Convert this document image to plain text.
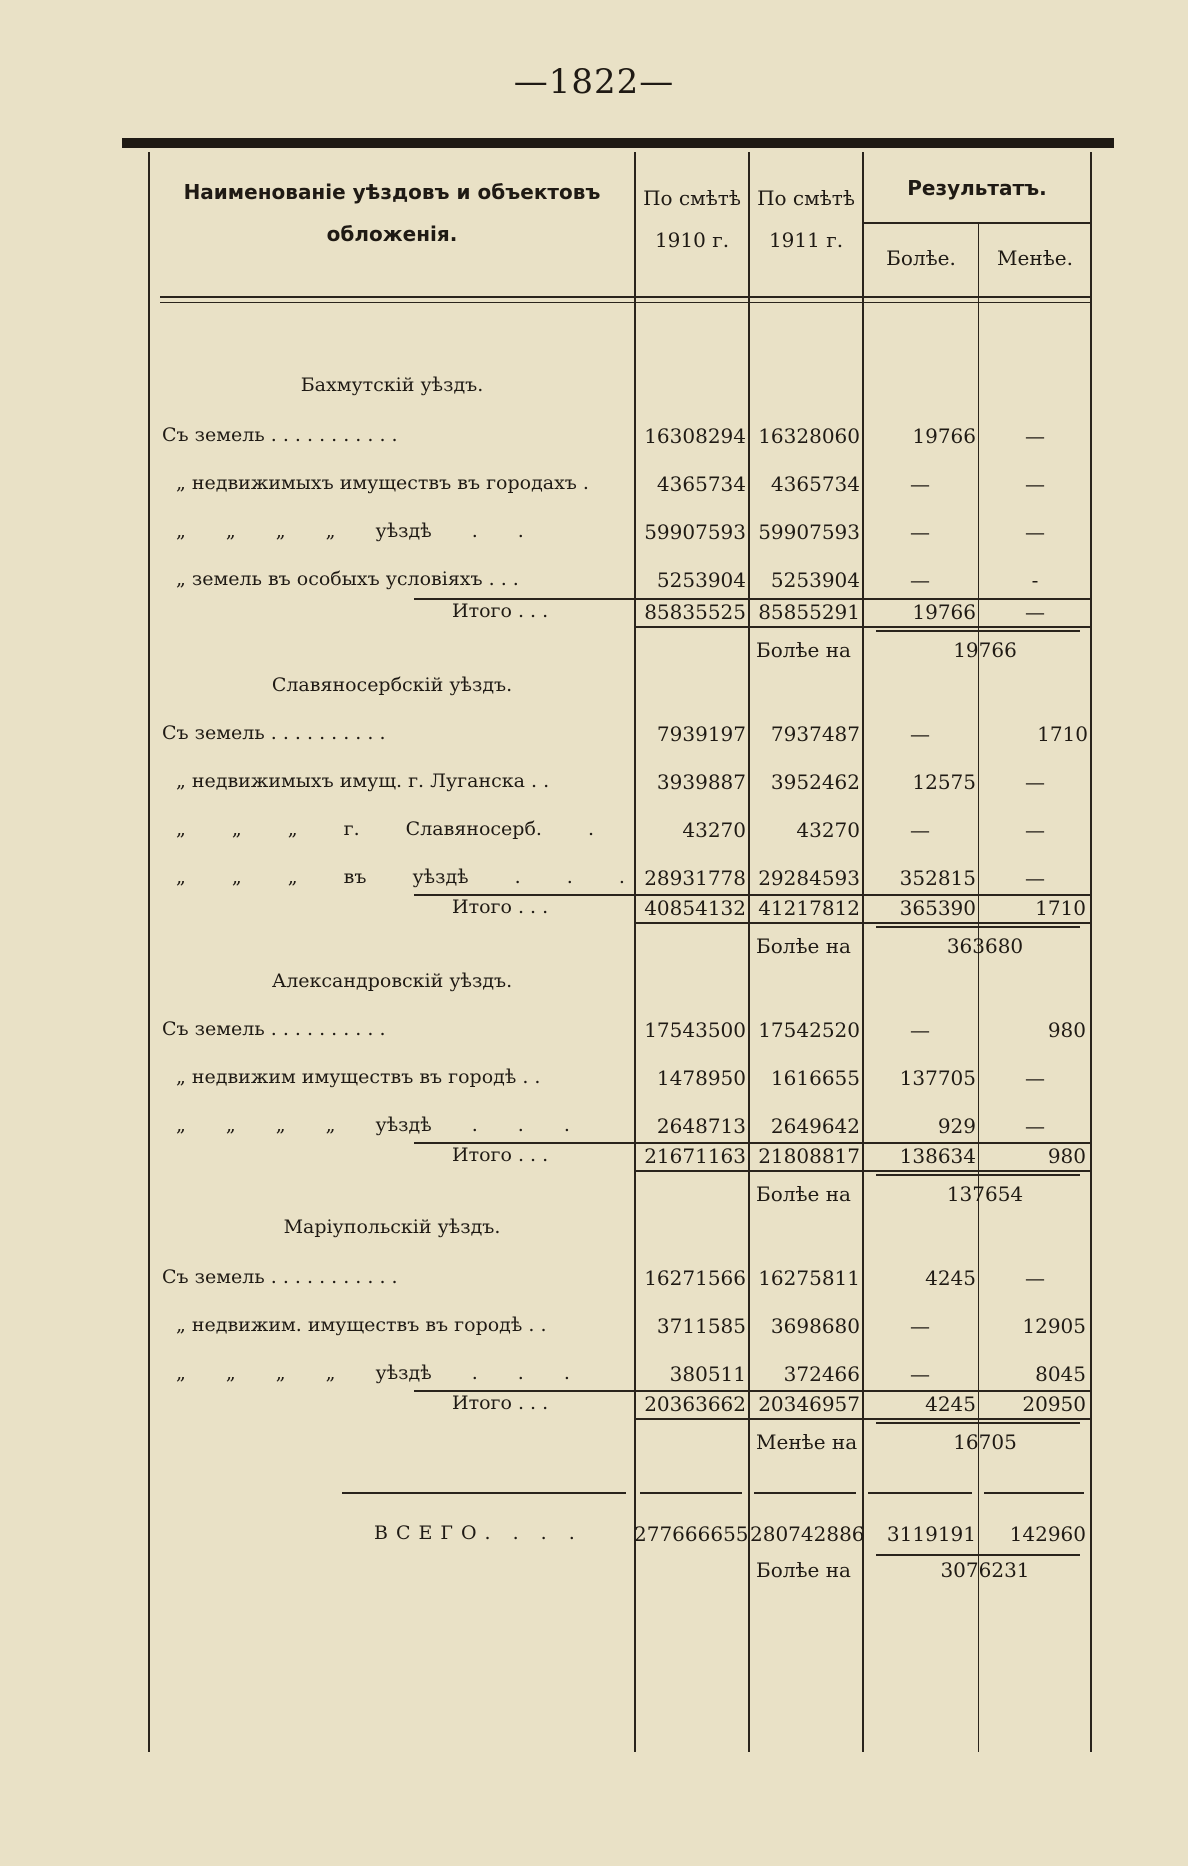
—1822—
Наименованіе уѣздовъ и объектовъ
обложенія.
По смѣтѣ
1910 г.
По смѣтѣ
1911 г.
Результатъ.
Болѣе.	Менѣе.
Бахмутскій уѣздъ.
Съ земель . . . . . . . . . . .	16308294 16328060	19766	—
„ недвижимыхъ имуществъ въ городахъ .	4365734	4365734	—	—
„ „ „ „ уѣздѣ . .	59907593 59907593	—	—
„ земель въ особыхъ условіяхъ . . .	5253904	5253904	—	-
Итого . . .	85835525 85855291	19766	—
Болѣе на	19766
Славяносербскій уѣздъ.
Съ земель . . . . . . . . . .	7939197	7937487	—	1710
„ недвижимыхъ имущ. г. Луганска . .	3939887	3952462	12575	—
„ „ „ г. Славяносерб. .	43270	43270	—	—
„ „ „ въ уѣздѣ . . . 28931778 29284593	352815	—
Итого . . .	40854132 41217812	365390	1710
Болѣе на	363680
Александровскій уѣздъ.
Съ земель . . . . . . . . . .	17543500 17542520	—	980
„ недвижим имуществъ въ городѣ . .	1478950	1616655	137705	—
„ „ „ „ уѣздѣ . . .	2648713	2649642	929	—
Итого . . .	21671163 21808817	138634	980
Болѣе на	137654
Маріупольскій уѣздъ.
Съ земель . . . . . . . . . . .	16271566 16275811	4245	—
„ недвижим. имуществъ въ городѣ . .	3711585	3698680	—	12905
„ „ „ „ уѣздѣ . . .	380511	372466	—	8045
Итого . . .	20363662 20346957	4245	20950
Менѣе на	16705
ВСЕГО. . . .	277666655 280742886	3119191	142960
Болѣе на	3076231
